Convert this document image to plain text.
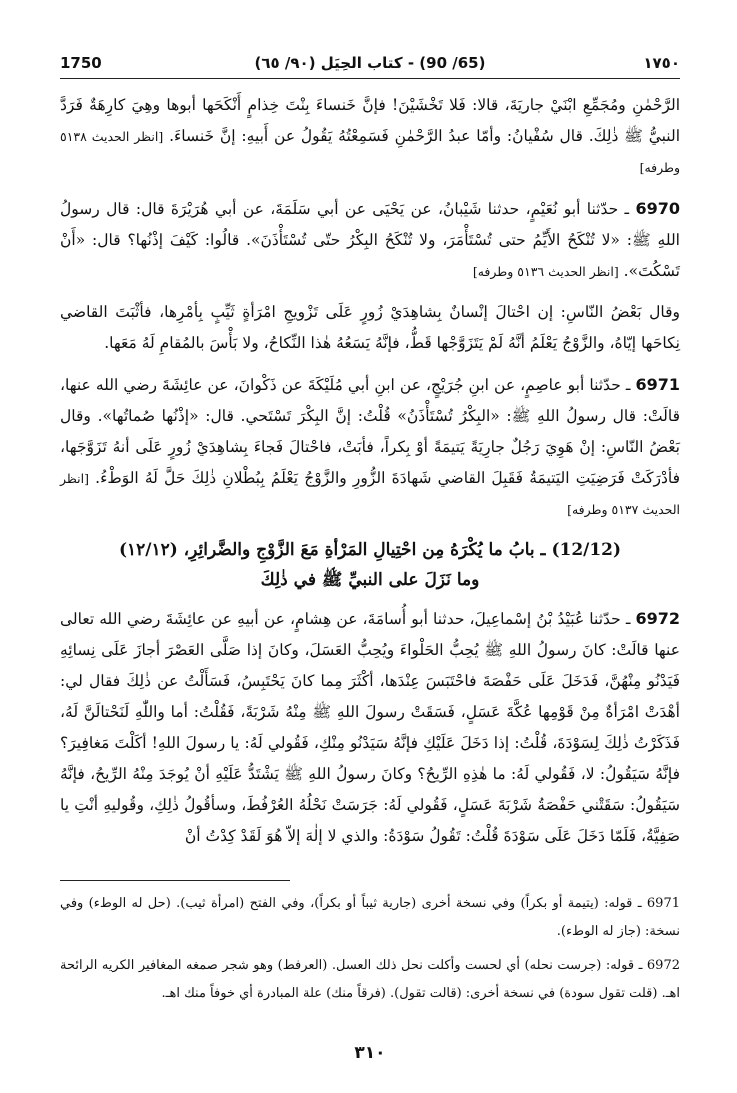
1750	(65/ 90) - كتاب الحِيَل (٩٠/ ٦٥)	١٧٥٠

الرَّحْمٰنِ ومُجَمِّعِ ابْنَيْ جاريَةَ، قالا: فَلا تَخْشَيْنَ! فإنَّ خَنساءَ بِنْتَ خِذامٍ أَنْكَحَها أبوها وهِيَ كارِهَةٌ فَرَدَّ النبيُّ ﷺ ذٰلِكَ. قال سُفْيانُ: وأمّا عبدُ الرَّحْمٰنِ فَسَمِعْتُهُ يَقُولُ عن أَبيهِ: إنَّ خَنساءَ. [انظر الحديث ٥١٣٨ وطرفه]

6970 ـ حدّثنا أبو نُعَيْمٍ، حدثنا شَيْبانُ، عن يَحْيَى عن أبي سَلَمَةَ، عن أبي هُرَيْرَةَ قال: قال رسولُ اللهِ ﷺ: «لا تُنْكَحُ الأَيِّمُ حتى تُسْتَأْمَرَ، ولا تُنْكَحُ البِكْرُ حتّى تُسْتَأْذَنَ». قالُوا: كَيْفَ إذْنُها؟ قال: «أَنْ تَسْكُتَ». [انظر الحديث ٥١٣٦ وطرفه]

وقال بَعْضُ النّاسِ: إن احْتالَ إنْسانٌ بِشاهِدَيْ زُورٍ عَلَى تَزْويجِ امْرَأةٍ ثَيِّبٍ بِأمْرِها، فأثْبَتَ القاضي نِكاحَها إيّاهُ، والزَّوْجُ يَعْلَمُ أنَّهُ لَمْ يَتَزَوَّجْها قَطُّ، فإنَّهُ يَسَعُهُ هٰذا النِّكاحُ، ولا بَأْسَ بالمُقامِ لَهُ مَعَها.

6971 ـ حدّثنا أبو عاصِمٍ، عن ابنِ جُرَيْجٍ، عن ابنِ أبي مُلَيْكَةَ عن ذَكْوانَ، عن عائِشَةَ رضي الله عنها، قالَتْ: قال رسولُ اللهِ ﷺ: «البِكْرُ تُسْتَأْذَنُ» قُلْتُ: إنَّ البِكْرَ تَسْتَحي. قال: «إذْنُها صُماتُها». وقال بَعْضُ النّاسِ: إنْ هَوِيَ رَجُلٌ جارِيَةً يَتيمَةً أوْ بِكراً، فأبَتْ، فاحْتالَ فَجاءَ بِشاهِدَيْ زُورٍ عَلَى أنهُ تَزَوَّجَها، فأدْرَكَتْ فَرَضِيَتِ اليَتيمَةُ فَقَبِلَ القاضي شَهادَةَ الزُّورِ والزَّوْجُ يَعْلَمُ بِبُطْلانِ ذٰلِكَ حَلَّ لَهُ الوَطْءُ. [انظر الحديث ٥١٣٧ وطرفه]

(12/12) ـ بابُ ما يُكْرَهُ مِن احْتِيالِ المَرْأةِ مَعَ الزَّوْجِ والضَّرائِرِ، (١٢/١٢)
وما نَزَلَ على النبيِّ ﷺ في ذٰلِكَ

6972 ـ حدّثنا عُبَيْدُ بْنُ إسْماعِيلَ، حدثنا أبو أُسامَةَ، عن هِشامٍ، عن أبيهِ عن عائِشَةَ رضي الله تعالى عنها قالَتْ: كانَ رسولُ اللهِ ﷺ يُحِبُّ الحَلْواءَ ويُحِبُّ العَسَلَ، وكانَ إذا صَلَّى العَصْرَ أجازَ عَلَى نِسائِهِ فَيَدْنُو مِنْهُنَّ، فَدَخَلَ عَلَى حَفْصَةَ فاحْتَبَسَ عِنْدَها، أكْثَرَ مِما كانَ يَحْتَبِسُ، فَسَأَلْتُ عن ذٰلِكَ فقال لي: أهْدَتْ امْرَأةٌ مِنْ قَوْمِها عُكَّةَ عَسَلٍ، فَسَقَتْ رسولَ اللهِ ﷺ مِنْهُ شَرْبَةً، فَقُلْتُ: أما واللّٰهِ لَنَحْتالَنَّ لَهُ، فَذَكَرْتُ ذٰلِكَ لِسَوْدَةَ، قُلْتُ: إذا دَخَلَ عَلَيْكِ فإنَّهُ سَيَدْنُو مِنْكِ، فَقُولي لَهُ: يا رسولَ اللهِ! أكَلْتَ مَغافِيرَ؟ فإنَّهُ سَيَقُولُ: لا، فَقُولي لَهُ: ما هٰذِهِ الرِّيحُ؟ وكانَ رسولُ اللهِ ﷺ يَشْتَدُّ عَلَيْهِ أنْ يُوجَدَ مِنْهُ الرِّيحُ، فإنَّهُ سَيَقُولُ: سَقَتْني حَفْصَةُ شَرْبَةَ عَسَلٍ، فَقُولي لَهُ: جَرَسَتْ نَحْلُهُ العُرْفُطَ، وسأقُولُ ذٰلِكِ، وقُوليهِ أنْتِ يا صَفِيَّةُ، فَلَمّا دَخَلَ عَلَى سَوْدَةَ قُلْتُ: تَقُولُ سَوْدَةُ: والذي لا إلٰهَ إلاّ هُوَ لَقَدْ كِدْتُ أنْ

6971 ـ قوله: (يتيمة أو بكراً) وفي نسخة أخرى (جارية ثيباً أو بكراً)، وفي الفتح (امرأة ثيب). (حل له الوطء) وفي نسخة: (جاز له الوطء).

6972 ـ قوله: (جرست نحله) أي لحست وأكلت نحل ذلك العسل. (العرفط) وهو شجر صمغه المغافير الكريه الرائحة اهـ. (قلت تقول سودة) في نسخة أخرى: (قالت تقول). (فرقاً منك) علة المبادرة أي خوفاً منك اهـ.

٣١٠
